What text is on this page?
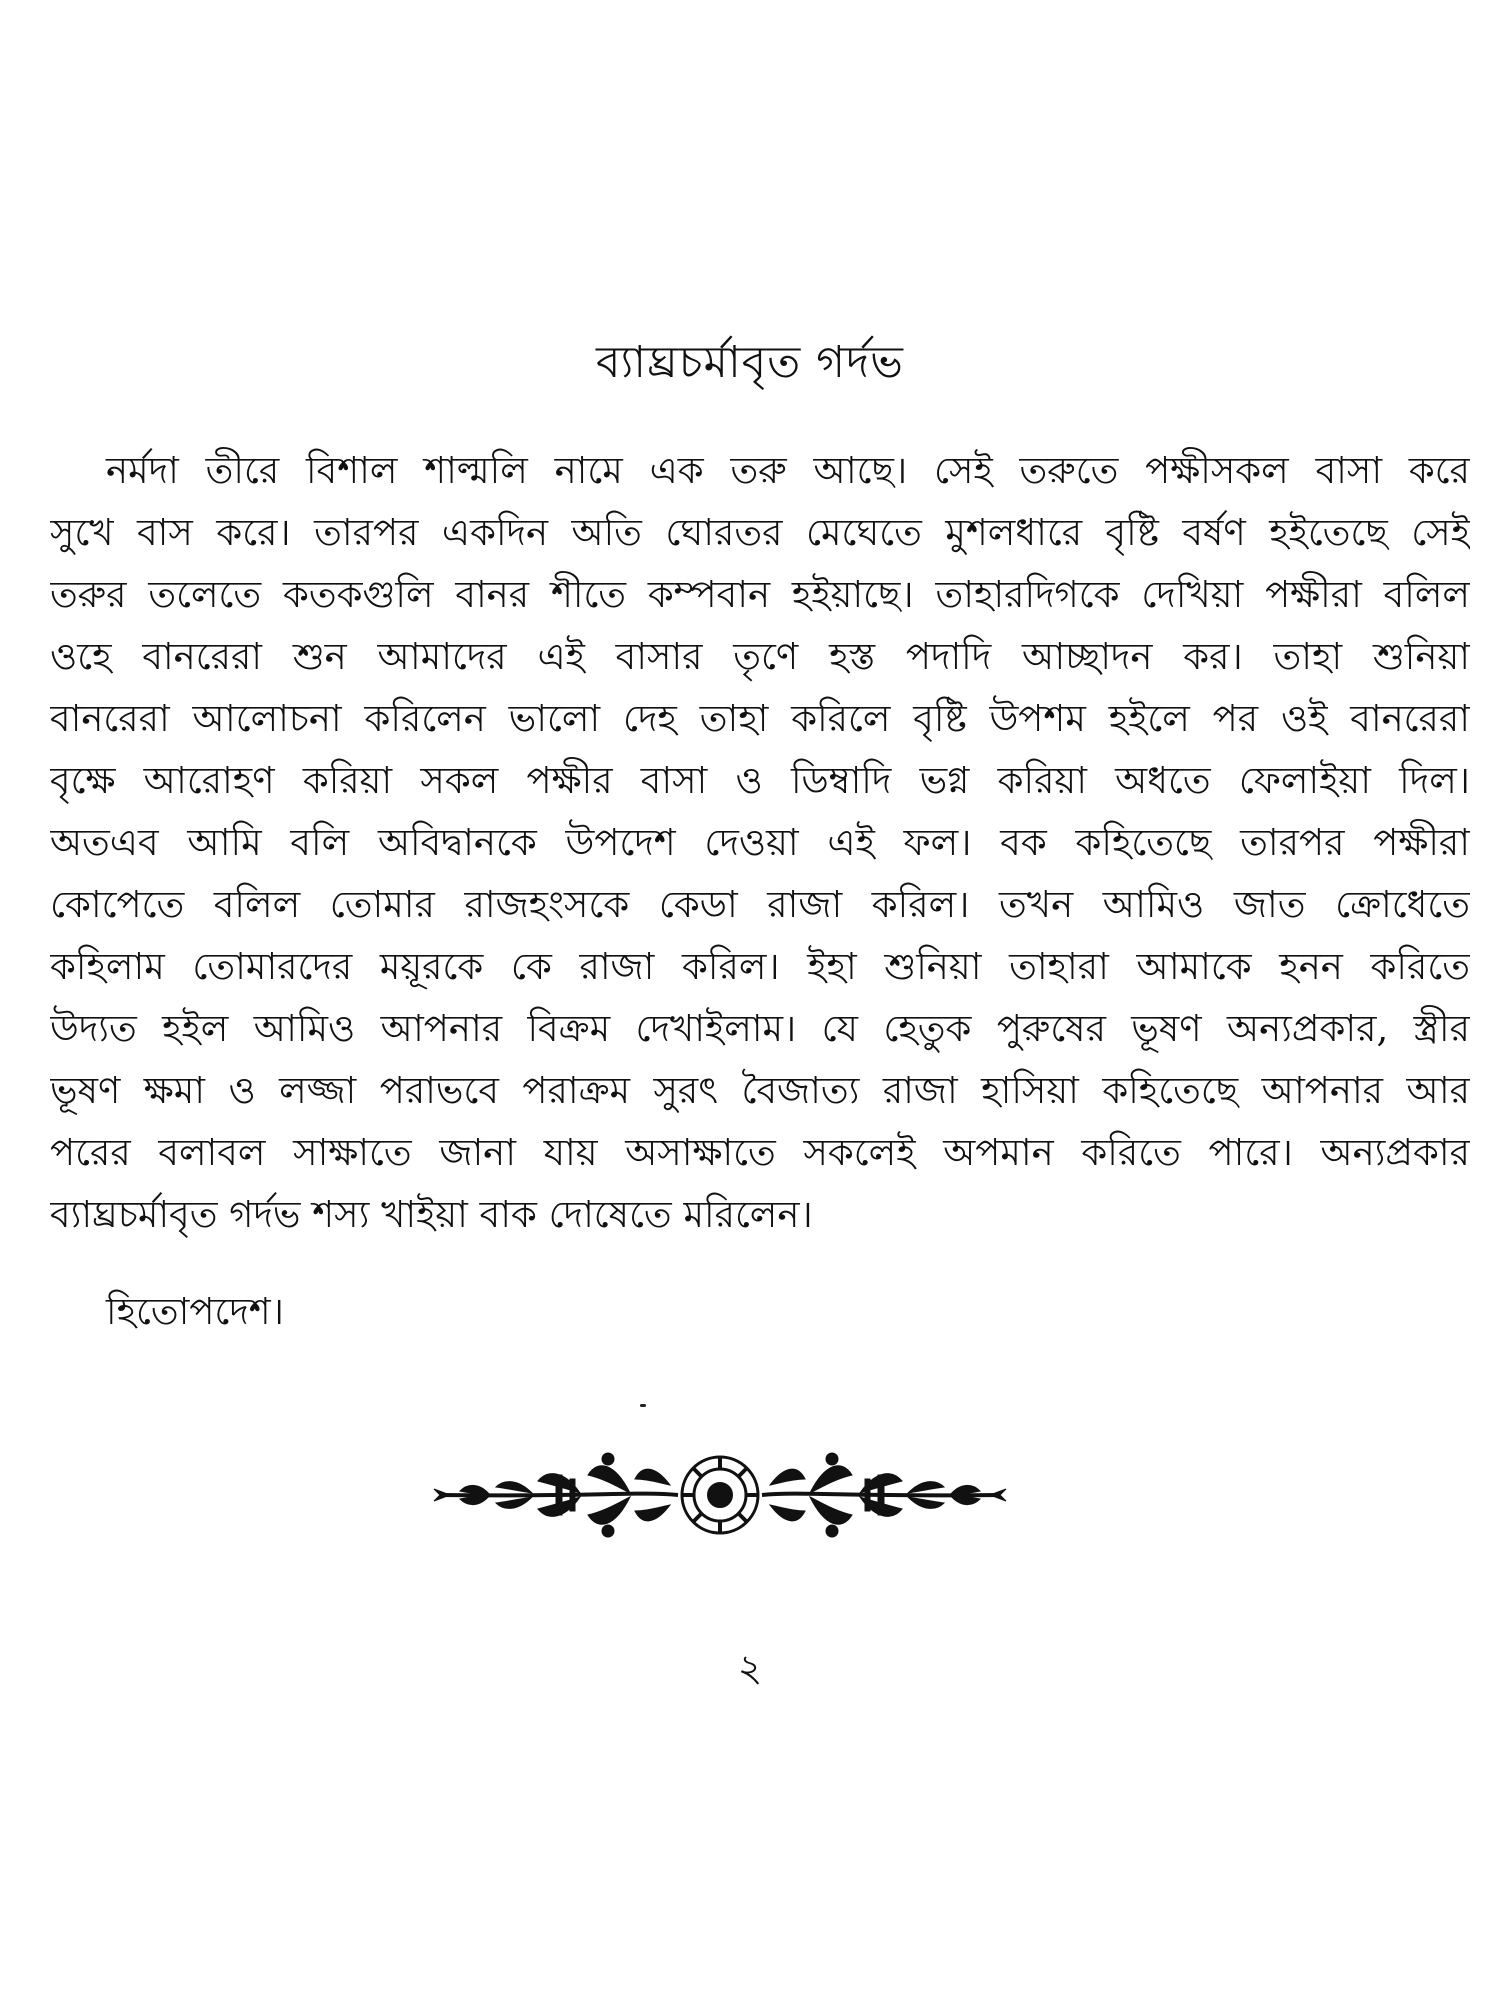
ব্যাঘ্রচর্মাবৃত গর্দভ
নর্মদা তীরে বিশাল শাল্মলি নামে এক তরু আছে। সেই তরুতে পক্ষীসকল বাসা করে
সুখে বাস করে। তারপর একদিন অতি ঘোরতর মেঘেতে মুশলধারে বৃষ্টি বর্ষণ হইতেছে সেই
তরুর তলেতে কতকগুলি বানর শীতে কম্পবান হইয়াছে। তাহারদিগকে দেখিয়া পক্ষীরা বলিল
ওহে বানরেরা শুন আমাদের এই বাসার তৃণে হস্ত পদাদি আচ্ছাদন কর। তাহা শুনিয়া
বানরেরা আলোচনা করিলেন ভালো দেহ তাহা করিলে বৃষ্টি উপশম হইলে পর ওই বানরেরা
বৃক্ষে আরোহণ করিয়া সকল পক্ষীর বাসা ও ডিম্বাদি ভগ্ন করিয়া অধতে ফেলাইয়া দিল।
অতএব আমি বলি অবিদ্বানকে উপদেশ দেওয়া এই ফল। বক কহিতেছে তারপর পক্ষীরা
কোপেতে বলিল তোমার রাজহংসকে কেডা রাজা করিল। তখন আমিও জাত ক্রোধেতে
কহিলাম তোমারদের ময়ূরকে কে রাজা করিল। ইহা শুনিয়া তাহারা আমাকে হনন করিতে
উদ্যত হইল আমিও আপনার বিক্রম দেখাইলাম। যে হেতুক পুরুষের ভূষণ অন্যপ্রকার, স্ত্রীর
ভূষণ ক্ষমা ও লজ্জা পরাভবে পরাক্রম সুরৎ বৈজাত্য রাজা হাসিয়া কহিতেছে আপনার আর
পরের বলাবল সাক্ষাতে জানা যায় অসাক্ষাতে সকলেই অপমান করিতে পারে। অন্যপ্রকার
ব্যাঘ্রচর্মাবৃত গর্দভ শস্য খাইয়া বাক দোষেতে মরিলেন।
হিতোপদেশ।
২
